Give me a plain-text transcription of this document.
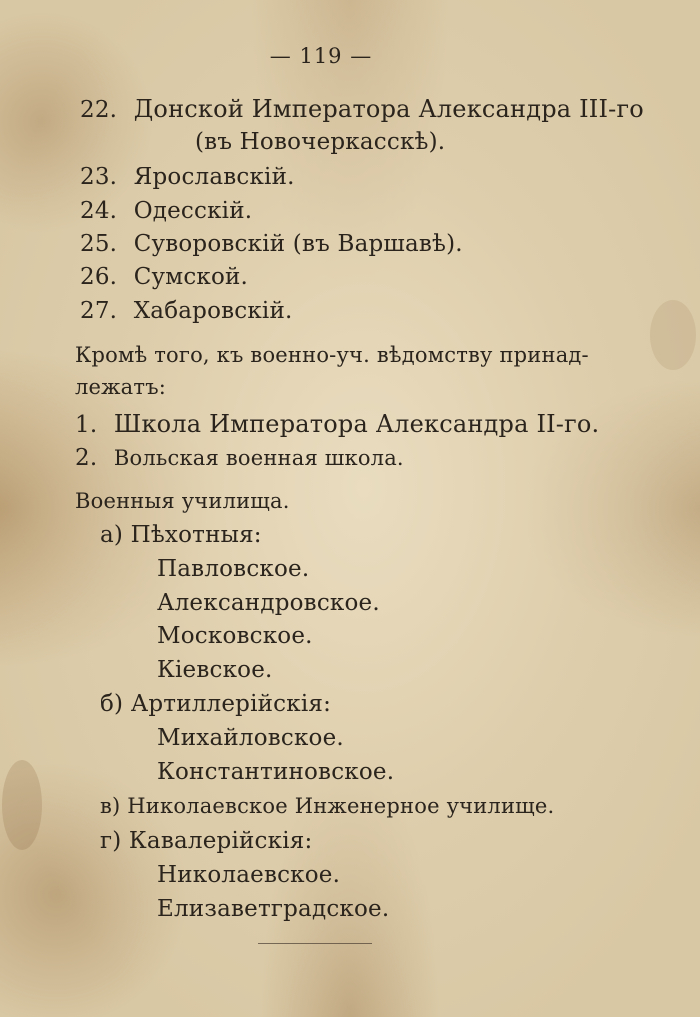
— 119 —
22. Донской Императора Александра III-го
(въ Новочеркасскѣ).
23. Ярославскій.
24. Одесскій.
25. Суворовскій (въ Варшавѣ).
26. Сумской.
27. Хабаровскій.
Кромѣ того, къ военно-уч. вѣдомству принад-
лежатъ:
1. Школа Императора Александра II-го.
2. Вольская военная школа.
Военныя училища.
а) Пѣхотныя:
Павловское.
Александровское.
Московское.
Кіевское.
б) Артиллерійскія:
Михайловское.
Константиновское.
в) Николаевское Инженерное училище.
г) Кавалерійскія:
Николаевское.
Елизаветградское.
